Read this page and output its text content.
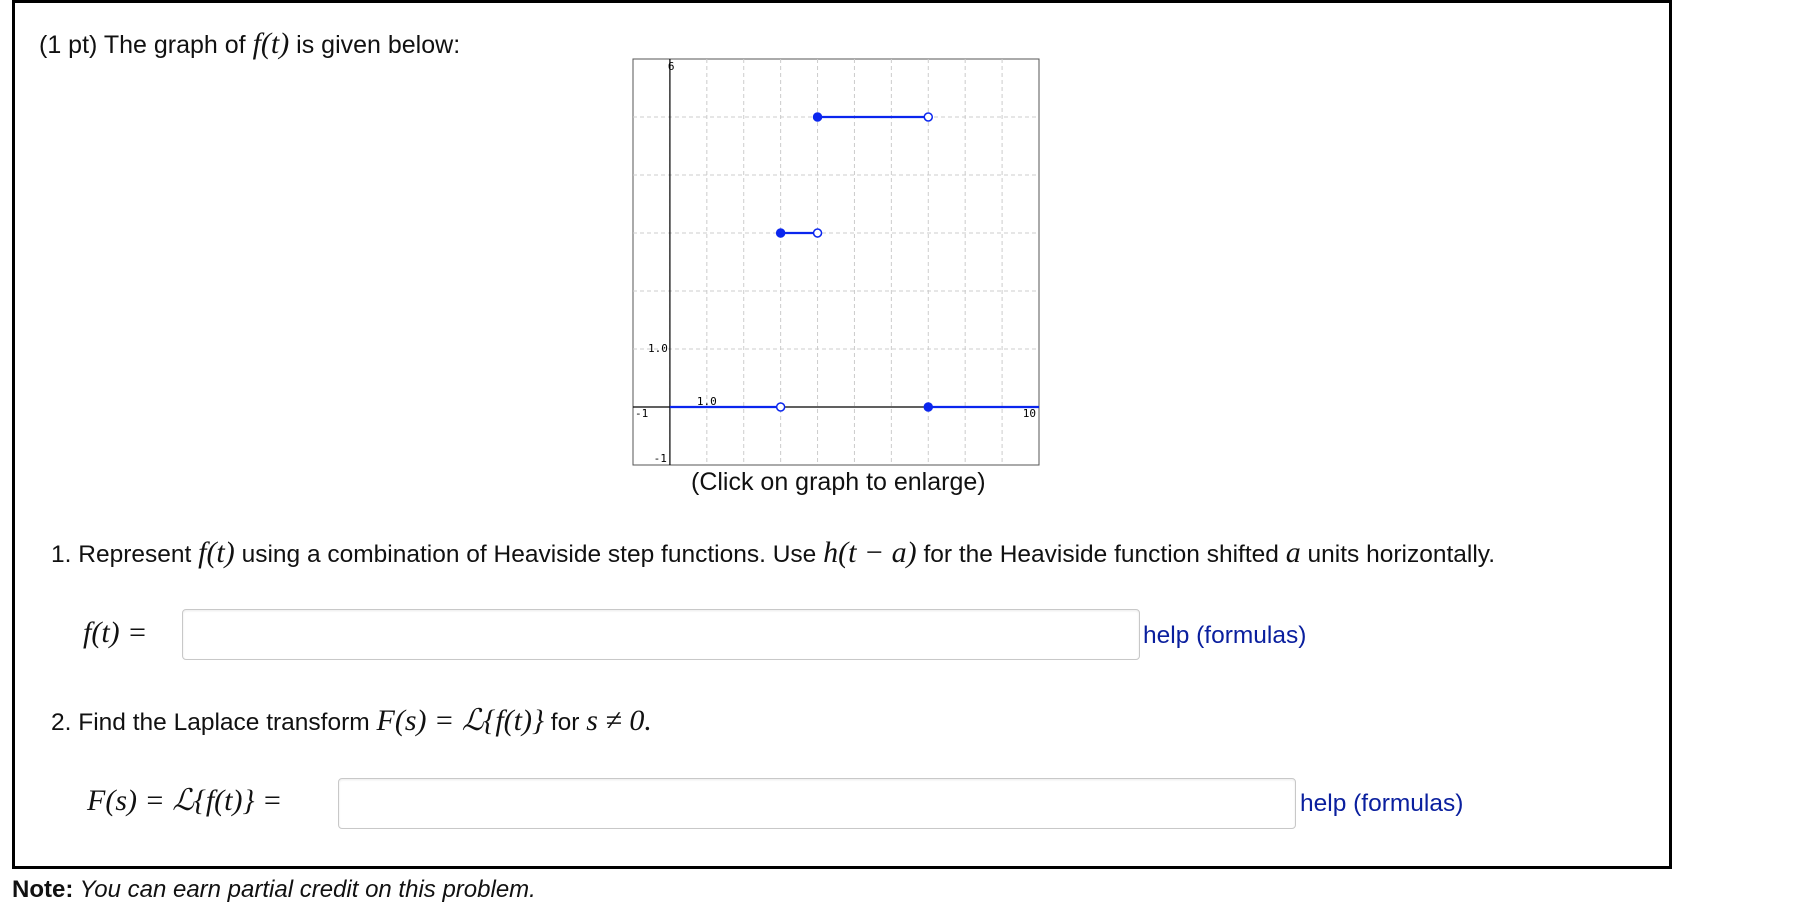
(1 pt) The graph of f(t) is given below:
-1	10
1.0
6
-1
1.0
(Click on graph to enlarge)
1. Represent f(t) using a combination of Heaviside step functions. Use h(t − a) for the Heaviside function shifted a units horizontally.
f(t) =	help (formulas)
2. Find the Laplace transform F(s) = ℒ{f(t)} for s ≠ 0.
F(s) = ℒ{f(t)} =	help (formulas)
Note: You can earn partial credit on this problem.
